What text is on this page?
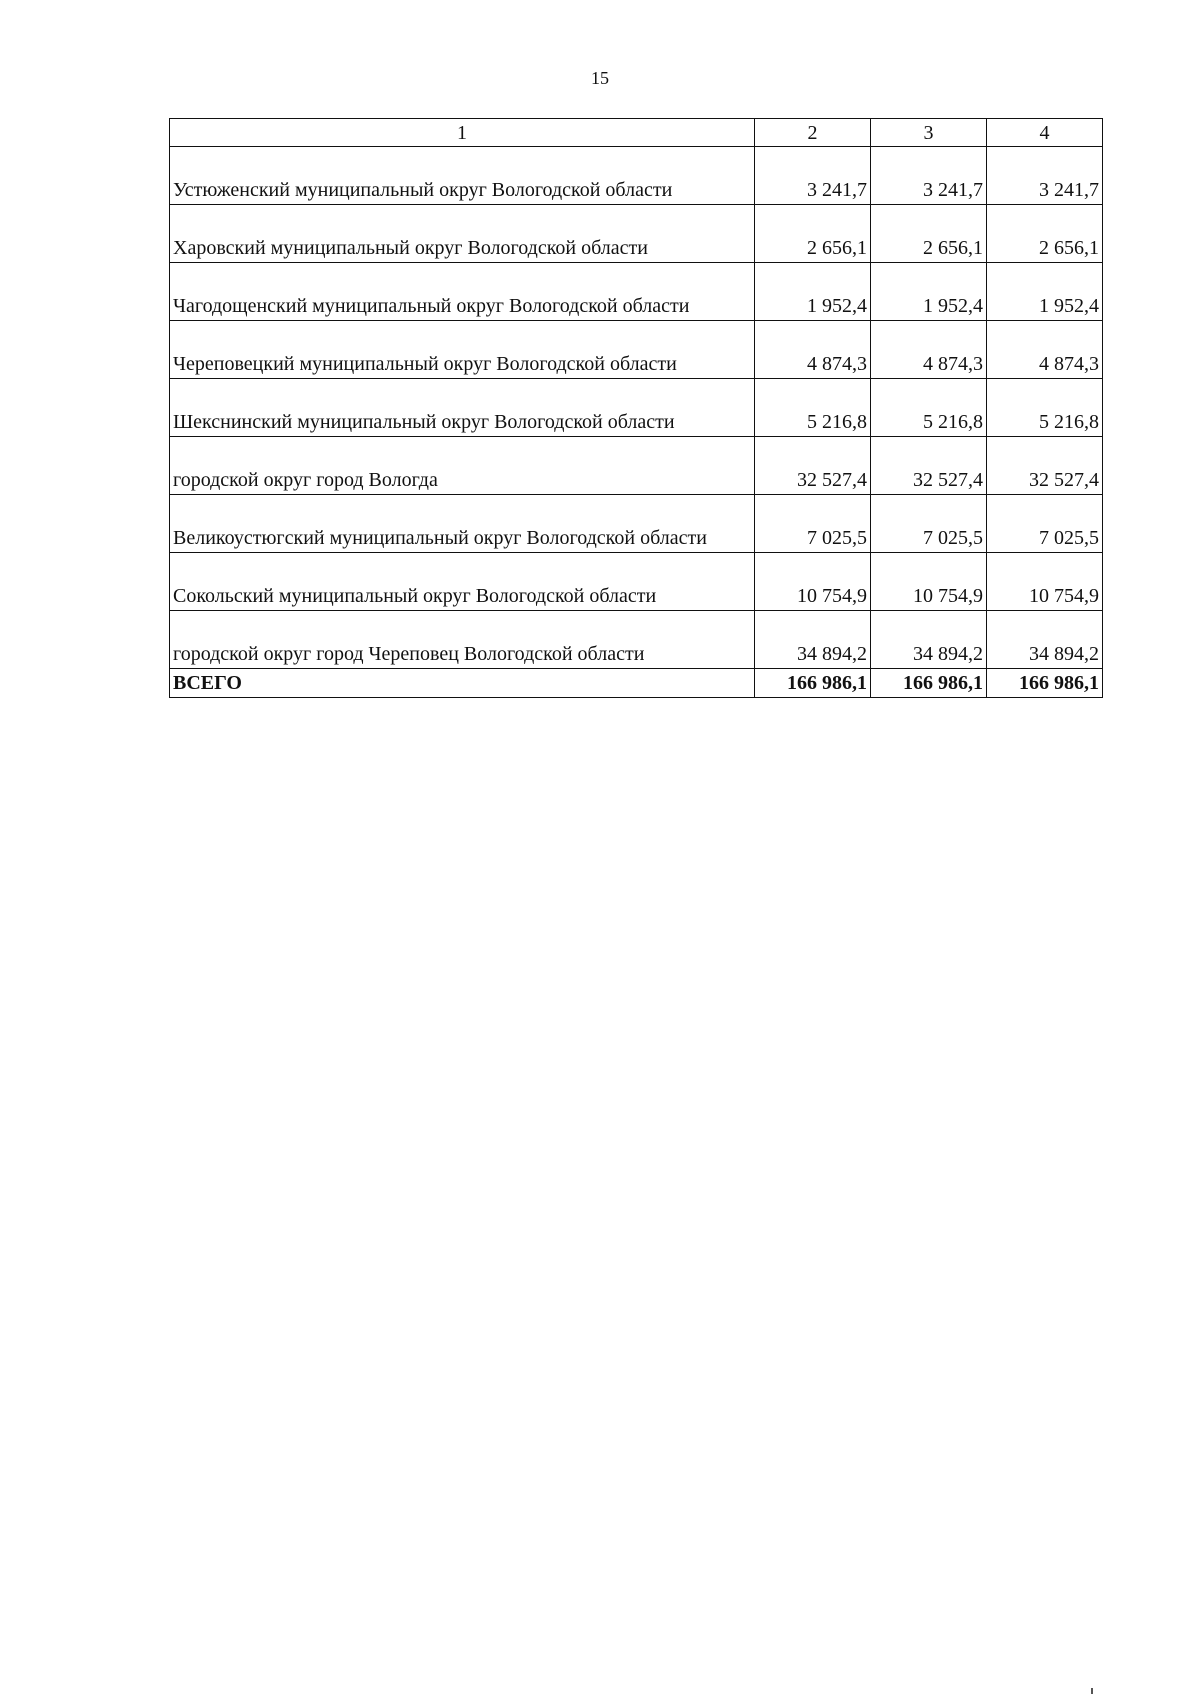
15
1	2	3	4
Устюженский муниципальный округ Вологодской области	3 241,7	3 241,7	3 241,7
Харовский муниципальный округ Вологодской области	2 656,1	2 656,1	2 656,1
Чагодощенский муниципальный округ Вологодской области	1 952,4	1 952,4	1 952,4
Череповецкий муниципальный округ Вологодской области	4 874,3	4 874,3	4 874,3
Шекснинский муниципальный округ Вологодской области	5 216,8	5 216,8	5 216,8
городской округ город Вологда	32 527,4	32 527,4	32 527,4
Великоустюгский муниципальный округ Вологодской области	7 025,5	7 025,5	7 025,5
Сокольский муниципальный округ Вологодской области	10 754,9	10 754,9	10 754,9
городской округ город Череповец Вологодской области	34 894,2	34 894,2	34 894,2
ВСЕГО	166 986,1	166 986,1	166 986,1
